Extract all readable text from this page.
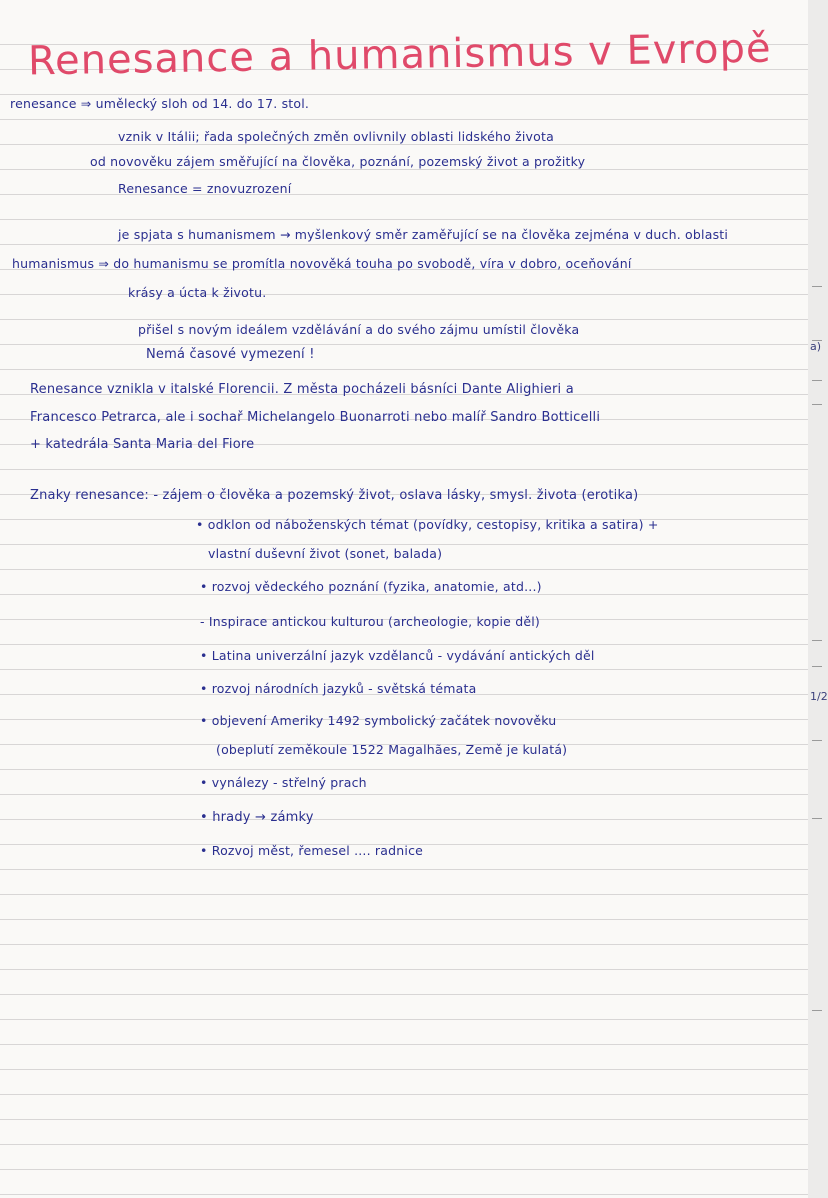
a)
1/2
Renesance a humanismus v Evropě
renesance ⇒ umělecký sloh od 14. do 17. stol.
vznik v Itálii; řada společných změn ovlivnily oblasti lidského života
od novověku zájem směřující na člověka, poznání, pozemský život a prožitky
Renesance = znovuzrození
je spjata s humanismem → myšlenkový směr zaměřující se na člověka zejména v duch. oblasti
humanismus ⇒ do humanismu se promítla novověká touha po svobodě, víra v dobro, oceňování
krásy a úcta k životu.
přišel s novým ideálem vzdělávání a do svého zájmu umístil člověka
Nemá časové vymezení !
Renesance vznikla v italské Florencii. Z města pocházeli básníci Dante Alighieri a
Francesco Petrarca, ale i sochař Michelangelo Buonarroti nebo malíř Sandro Botticelli
+ katedrála Santa Maria del Fiore
Znaky renesance: - zájem o člověka a pozemský život, oslava lásky, smysl. života (erotika)
• odklon od náboženských témat (povídky, cestopisy, kritika a satira) +
vlastní duševní život (sonet, balada)
• rozvoj vědeckého poznání (fyzika, anatomie, atd...)
- Inspirace antickou kulturou (archeologie, kopie děl)
• Latina univerzální jazyk vzdělanců - vydávání antických děl
• rozvoj národních jazyků - světská témata
• objevení Ameriky 1492 symbolický začátek novověku
(obeplutí zeměkoule 1522 Magalhães, Země je kulatá)
• vynálezy - střelný prach
• hrady → zámky
• Rozvoj měst, řemesel .... radnice
